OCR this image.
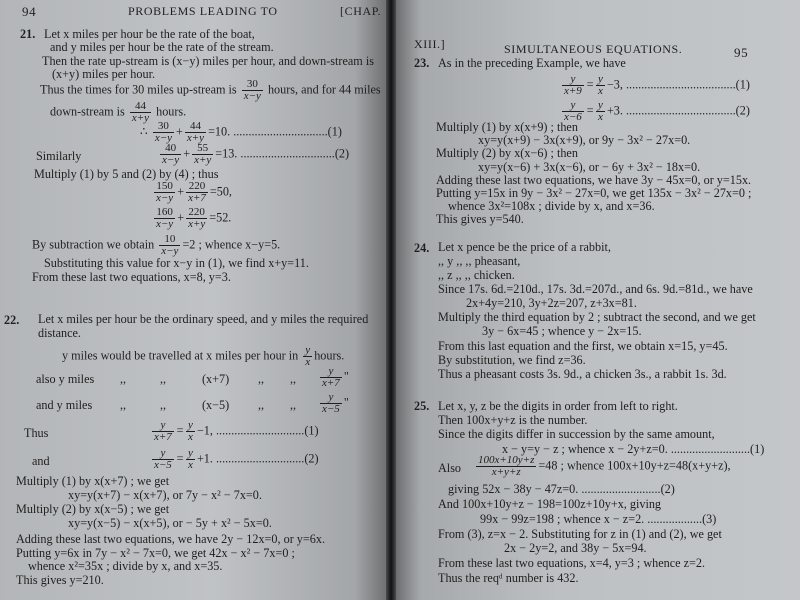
94	PROBLEMS LEADING TO	[CHAP.
21. Let x miles per hour be the rate of the boat,
and y miles per hour be the rate of the stream.
Then the rate up-stream is (x−y) miles per hour, and down-stream is
(x+y) miles per hour.
Thus the times for 30 miles up-stream is $\frac{30}{x-y}$ hours, and for 44 miles
down-stream is $\frac{44}{x+y}$ hours.
∴ $\frac{30}{x-y} + \frac{44}{x+y} =10$. ...............................(1)
Similarly	$\frac{40}{x-y} + \frac{55}{x+y} =13$. ...............................(2)
Multiply (1) by 5 and (2) by (4) ; thus
$\frac{150}{x-y} + \frac{220}{x+7} =50$,
$\frac{160}{x-y} + \frac{220}{x+y} =52$.
By subtraction we obtain $\frac{10}{x-y} =2$ ; whence x−y=5.
Substituting this value for x−y in (1), we find x+y=11.
From these last two equations, x=8, y=3.
22. Let x miles per hour be the ordinary speed, and y miles the required
distance.
y miles would be travelled at x miles per hour in $\frac{y}{x}$ hours.
also y miles ,,	,,	(x+7) ,, ,, $\frac{y}{x+7}$ "
and y miles ,,	,,	(x−5) ,, ,, $\frac{y}{x-5}$ "
Thus	$\frac{y}{x+7} = \frac{y}{x} -1$, .............................(1)
and	$\frac{y}{x-5} = \frac{y}{x} +1$. .............................(2)
Multiply (1) by x(x+7) ; we get
xy=y(x+7) − x(x+7), or 7y − x² − 7x=0.
Multiply (2) by x(x−5) ; we get
xy=y(x−5) − x(x+5), or − 5y + x² − 5x=0.
Adding these last two equations, we have 2y − 12x=0, or y=6x.
Putting y=6x in 7y − x² − 7x=0, we get 42x − x² − 7x=0 ;
whence x²=35x ; divide by x, and x=35.
This gives y=210.
XIII.]	SIMULTANEOUS EQUATIONS.	95
23. As in the preceding Example, we have
$\frac{y}{x+9} = \frac{y}{x} -3$, ....................................(1)
$\frac{y}{x-6} = \frac{y}{x} +3$. ....................................(2)
Multiply (1) by x(x+9) ; then
xy=y(x+9) − 3x(x+9), or 9y − 3x² − 27x=0.
Multiply (2) by x(x−6) ; then
xy=y(x−6) + 3x(x−6), or − 6y + 3x² − 18x=0.
Adding these last two equations, we have 3y − 45x=0, or y=15x.
Putting y=15x in 9y − 3x² − 27x=0, we get 135x − 3x² − 27x=0 ;
whence 3x²=108x ; divide by x, and x=36.
This gives y=540.
24. Let x pence be the price of a rabbit,
,, y ,, ,, pheasant,
,, z ,, ,, chicken.
Since 17s. 6d.=210d., 17s. 3d.=207d., and 6s. 9d.=81d., we have
2x+4y=210, 3y+2z=207, z+3x=81.
Multiply the third equation by 2 ; subtract the second, and we get
3y − 6x=45 ; whence y − 2x=15.
From this last equation and the first, we obtain x=15, y=45.
By substitution, we find z=36.
Thus a pheasant costs 3s. 9d., a chicken 3s., a rabbit 1s. 3d.
25. Let x, y, z be the digits in order from left to right.
Then 100x+y+z is the number.
Since the digits differ in succession by the same amount,
x − y=y − z ; whence x − 2y+z=0. ..........................(1)
Also $\frac{100x+10y+z}{x+y+z} =48$ ; whence 100x+10y+z=48(x+y+z),
giving 52x − 38y − 47z=0. ..........................(2)
And 100x+10y+z − 198=100z+10y+x, giving
99x − 99z=198 ; whence x − z=2. ..................(3)
From (3), z=x − 2. Substituting for z in (1) and (2), we get
2x − 2y=2, and 38y − 5x=94.
From these last two equations, x=4, y=3 ; whence z=2.
Thus the reqᵈ number is 432.
